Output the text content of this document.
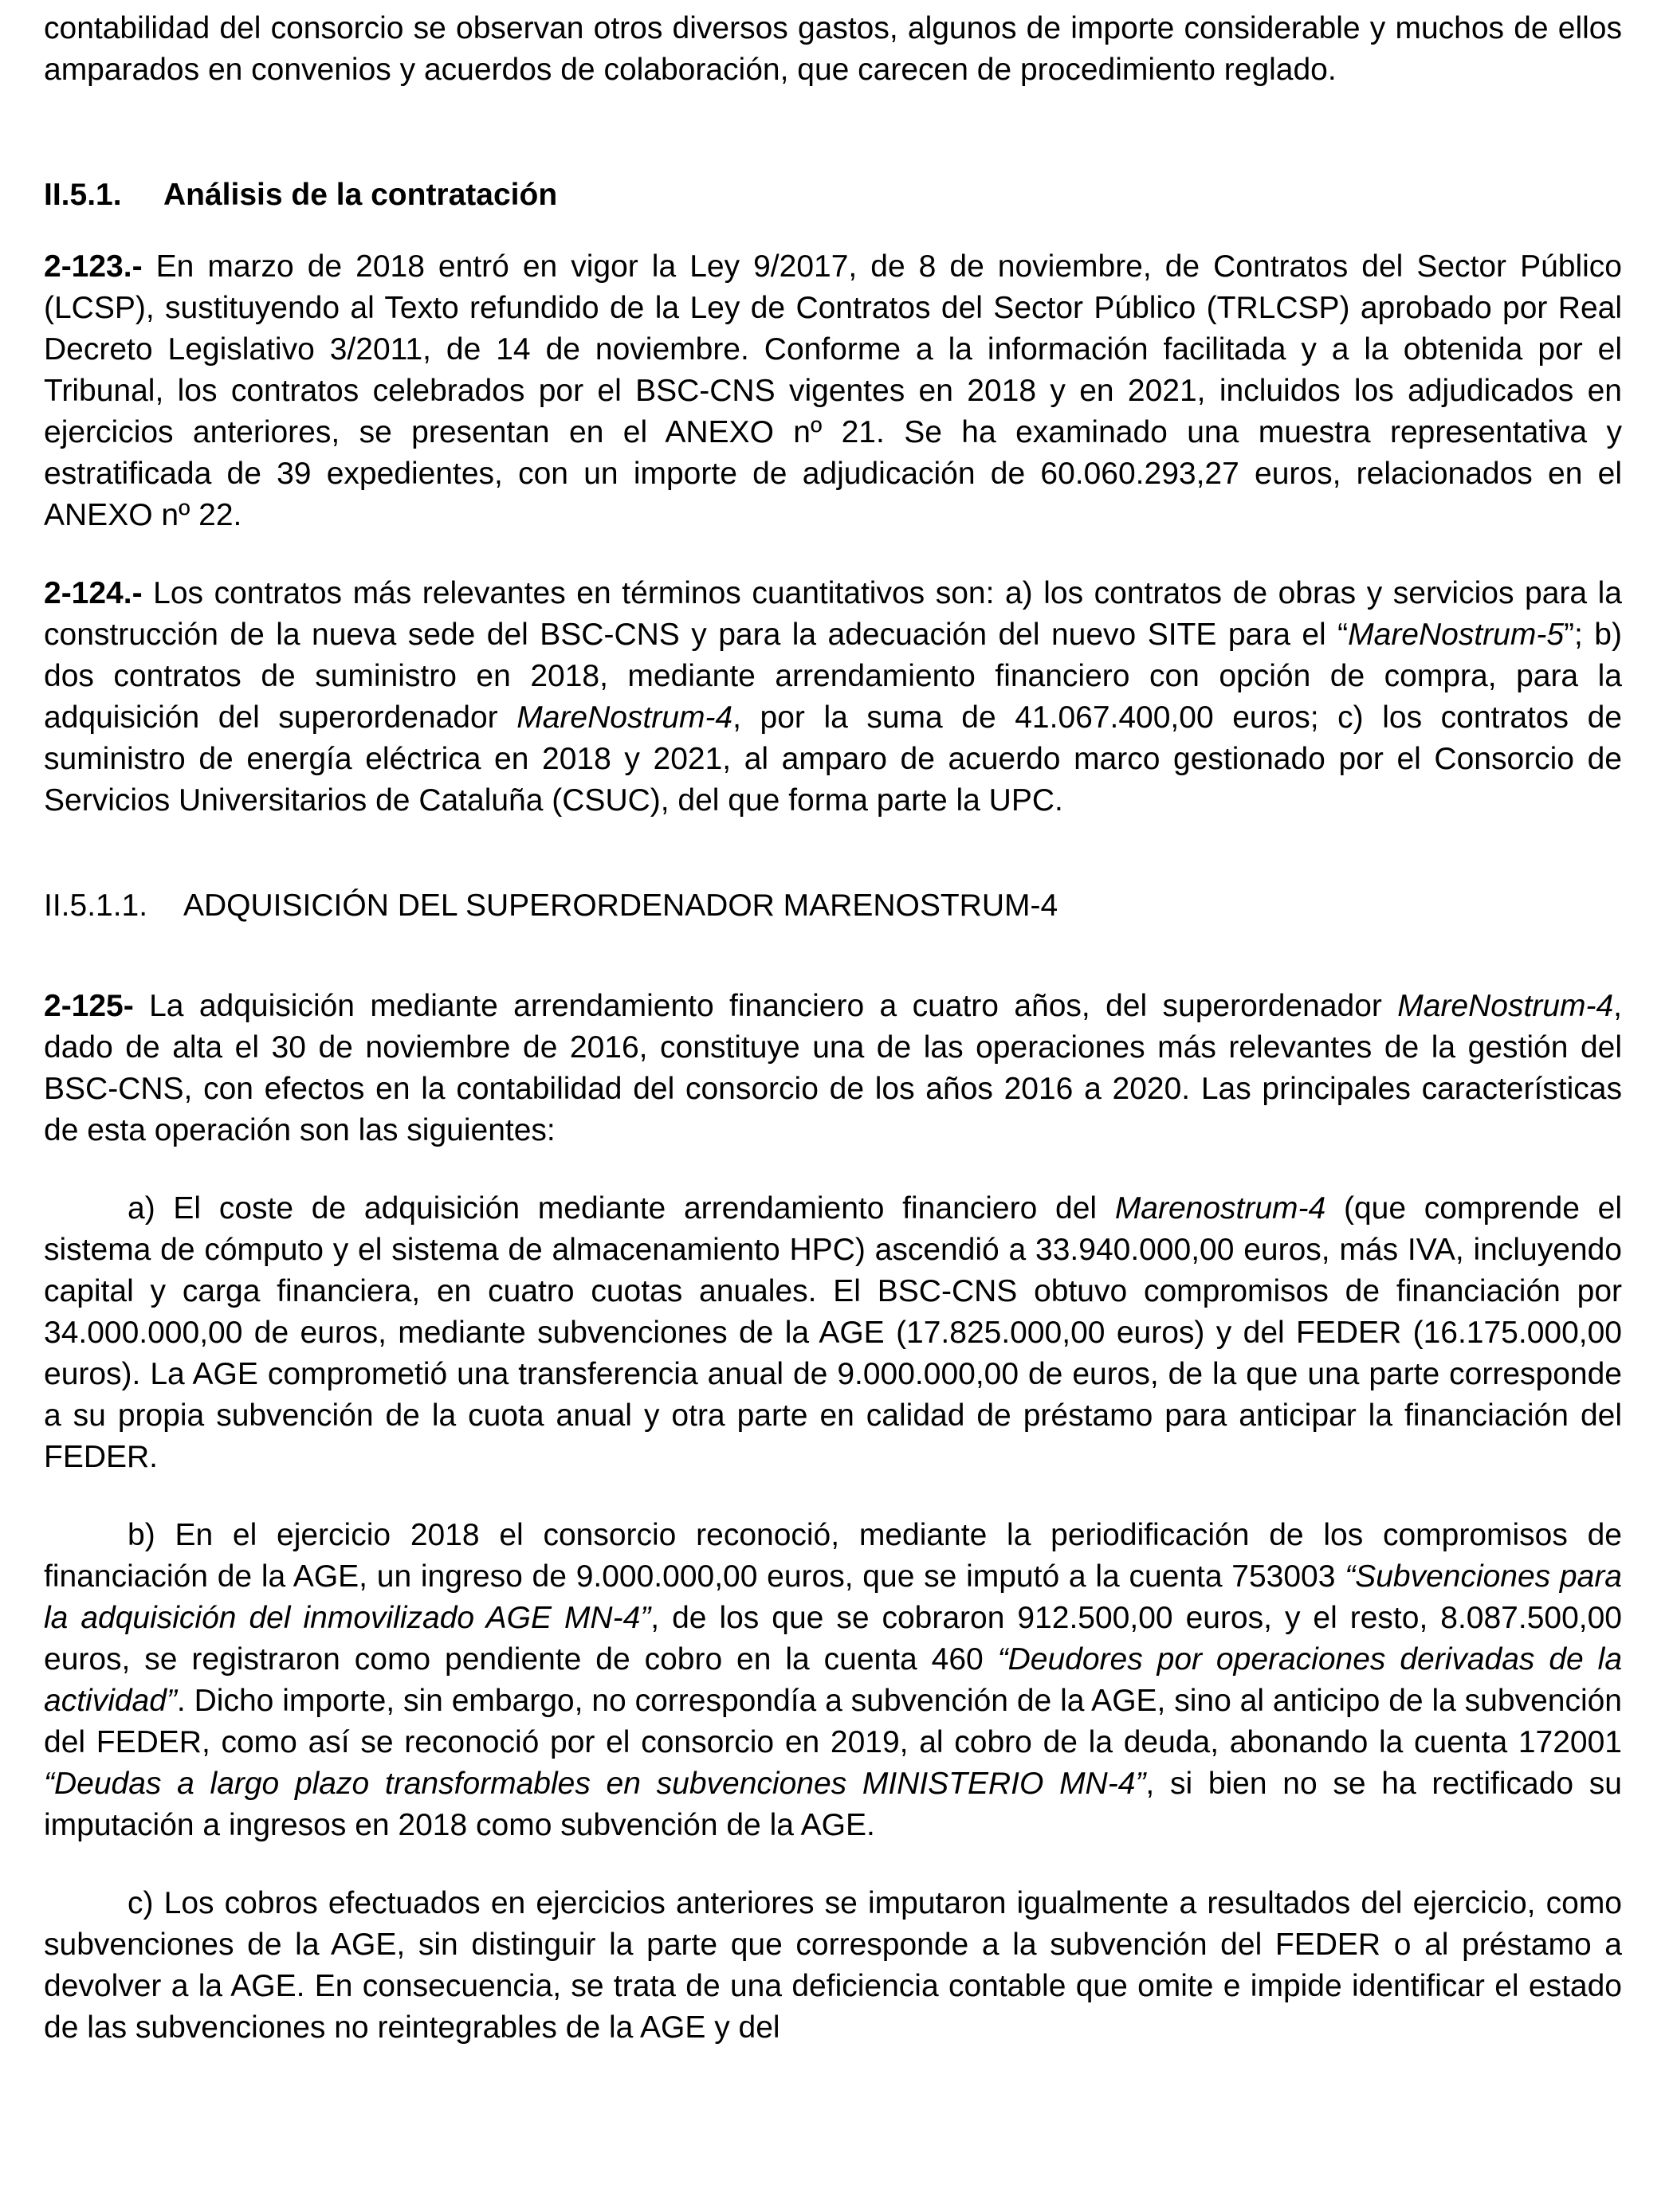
contabilidad del consorcio se observan otros diversos gastos, algunos de importe considerable y muchos de ellos amparados en convenios y acuerdos de colaboración, que carecen de procedimiento reglado.

II.5.1. Análisis de la contratación

2-123.- En marzo de 2018 entró en vigor la Ley 9/2017, de 8 de noviembre, de Contratos del Sector Público (LCSP), sustituyendo al Texto refundido de la Ley de Contratos del Sector Público (TRLCSP) aprobado por Real Decreto Legislativo 3/2011, de 14 de noviembre. Conforme a la información facilitada y a la obtenida por el Tribunal, los contratos celebrados por el BSC-CNS vigentes en 2018 y en 2021, incluidos los adjudicados en ejercicios anteriores, se presentan en el ANEXO nº 21. Se ha examinado una muestra representativa y estratificada de 39 expedientes, con un importe de adjudicación de 60.060.293,27 euros, relacionados en el ANEXO nº 22.

2-124.- Los contratos más relevantes en términos cuantitativos son: a) los contratos de obras y servicios para la construcción de la nueva sede del BSC-CNS y para la adecuación del nuevo SITE para el “MareNostrum-5”; b) dos contratos de suministro en 2018, mediante arrendamiento financiero con opción de compra, para la adquisición del superordenador MareNostrum-4, por la suma de 41.067.400,00 euros; c) los contratos de suministro de energía eléctrica en 2018 y 2021, al amparo de acuerdo marco gestionado por el Consorcio de Servicios Universitarios de Cataluña (CSUC), del que forma parte la UPC.

II.5.1.1. ADQUISICIÓN DEL SUPERORDENADOR MARENOSTRUM-4

2-125- La adquisición mediante arrendamiento financiero a cuatro años, del superordenador MareNostrum-4, dado de alta el 30 de noviembre de 2016, constituye una de las operaciones más relevantes de la gestión del BSC-CNS, con efectos en la contabilidad del consorcio de los años 2016 a 2020. Las principales características de esta operación son las siguientes:

a) El coste de adquisición mediante arrendamiento financiero del Marenostrum-4 (que comprende el sistema de cómputo y el sistema de almacenamiento HPC) ascendió a 33.940.000,00 euros, más IVA, incluyendo capital y carga financiera, en cuatro cuotas anuales. El BSC-CNS obtuvo compromisos de financiación por 34.000.000,00 de euros, mediante subvenciones de la AGE (17.825.000,00 euros) y del FEDER (16.175.000,00 euros). La AGE comprometió una transferencia anual de 9.000.000,00 de euros, de la que una parte corresponde a su propia subvención de la cuota anual y otra parte en calidad de préstamo para anticipar la financiación del FEDER.

b) En el ejercicio 2018 el consorcio reconoció, mediante la periodificación de los compromisos de financiación de la AGE, un ingreso de 9.000.000,00 euros, que se imputó a la cuenta 753003 “Subvenciones para la adquisición del inmovilizado AGE MN-4”, de los que se cobraron 912.500,00 euros, y el resto, 8.087.500,00 euros, se registraron como pendiente de cobro en la cuenta 460 “Deudores por operaciones derivadas de la actividad”. Dicho importe, sin embargo, no correspondía a subvención de la AGE, sino al anticipo de la subvención del FEDER, como así se reconoció por el consorcio en 2019, al cobro de la deuda, abonando la cuenta 172001 “Deudas a largo plazo transformables en subvenciones MINISTERIO MN-4”, si bien no se ha rectificado su imputación a ingresos en 2018 como subvención de la AGE.

c) Los cobros efectuados en ejercicios anteriores se imputaron igualmente a resultados del ejercicio, como subvenciones de la AGE, sin distinguir la parte que corresponde a la subvención del FEDER o al préstamo a devolver a la AGE. En consecuencia, se trata de una deficiencia contable que omite e impide identificar el estado de las subvenciones no reintegrables de la AGE y del
